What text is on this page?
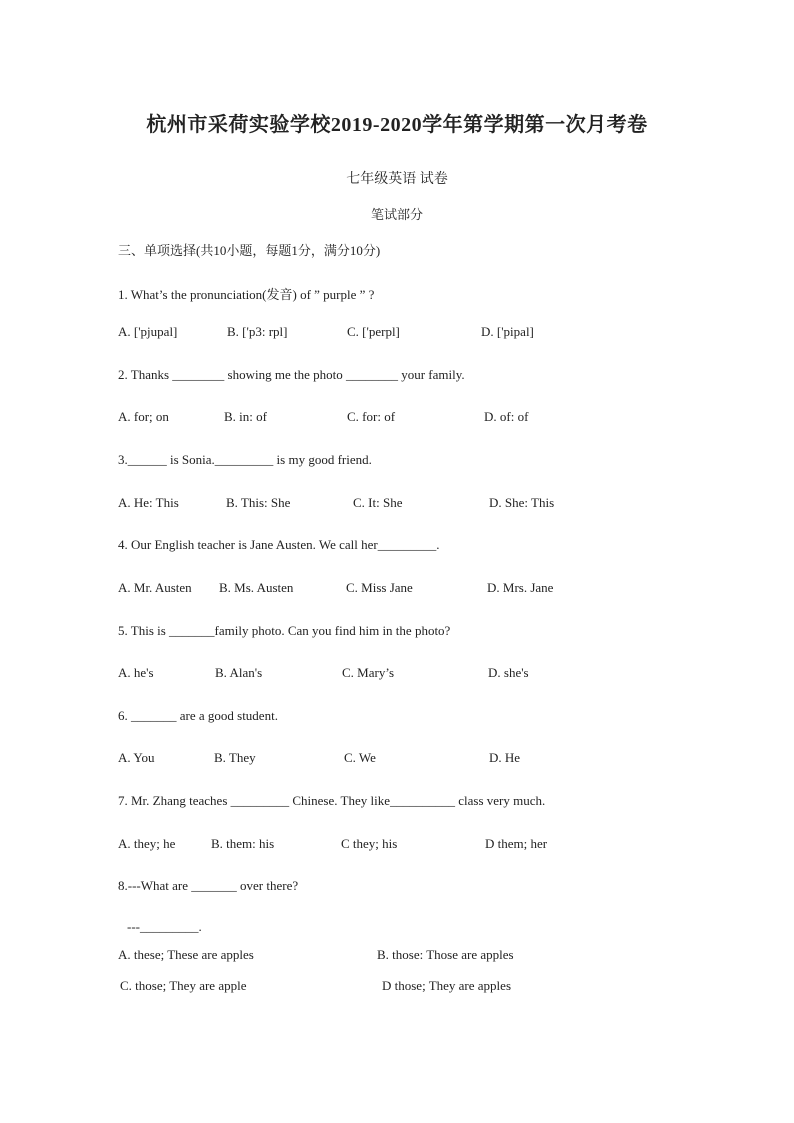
杭州市采荷实验学校2019-2020学年第学期第一次月考卷
七年级英语 试卷
笔试部分
三、单项选择(共10小题，每题1分，满分10分)
1. What’s the pronunciation(发音) of ” purple ” ?
A. ['pjupal]	B. ['p3: rpl]	C. ['perpl]	D. ['pipal]
2. Thanks ________ showing me the photo ________ your family.
A. for; on	B. in: of	C. for: of	D. of: of
3.______ is Sonia._________ is my good friend.
A. He: This	B. This: She	C. It: She	D. She: This
4. Our English teacher is Jane Austen. We call her_________.
A. Mr. Austen B. Ms. Austen	C. Miss Jane	D. Mrs. Jane
5. This is _______family photo. Can you find him in the photo?
A. he's	B. Alan's	C. Mary’s	D. she's
6. _______ are a good student.
A. You	B. They	C. We	D. He
7. Mr. Zhang teaches _________ Chinese. They like__________ class very much.
A. they; he	B. them: his	C they; his	D them; her
8.---What are _______ over there?
---_________.
A. these; These are apples	B. those: Those are apples
C. those; They are apple	D those; They are apples
